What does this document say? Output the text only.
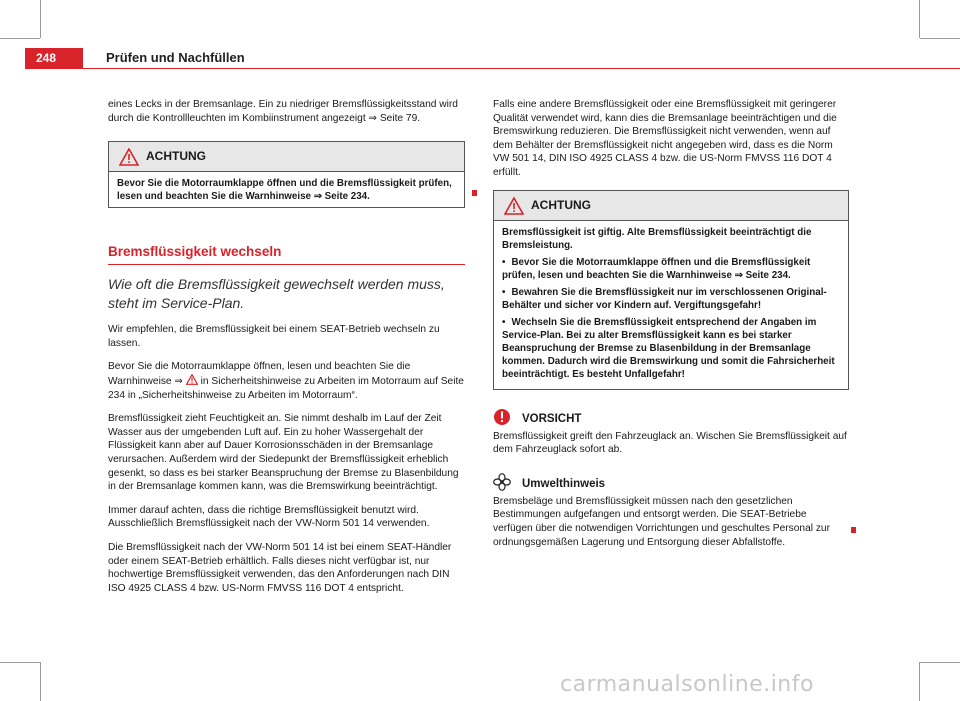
248	Prüfen und Nachfüllen

eines Lecks in der Bremsanlage. Ein zu niedriger Bremsflüssigkeitsstand wird durch die Kontrollleuchten im Kombiinstrument angezeigt ⇒ Seite 79.

ACHTUNG
Bevor Sie die Motorraumklappe öffnen und die Bremsflüssigkeit prüfen, lesen und beachten Sie die Warnhinweise ⇒ Seite 234.
Bremsflüssigkeit wechseln
Wie oft die Bremsflüssigkeit gewechselt werden muss, steht im Service-Plan.

Wir empfehlen, die Bremsflüssigkeit bei einem SEAT-Betrieb wechseln zu lassen.

Bevor Sie die Motorraumklappe öffnen, lesen und beachten Sie die Warnhinweise ⇒ in Sicherheitshinweise zu Arbeiten im Motorraum auf Seite 234 in „Sicherheitshinweise zu Arbeiten im Motorraum“.

Bremsflüssigkeit zieht Feuchtigkeit an. Sie nimmt deshalb im Lauf der Zeit Wasser aus der umgebenden Luft auf. Ein zu hoher Wassergehalt der Flüssigkeit kann aber auf Dauer Korrosionsschäden in der Bremsanlage verursachen. Außerdem wird der Siedepunkt der Bremsflüssigkeit erheblich gesenkt, so dass es bei starker Beanspruchung der Bremse zu Blasenbildung in der Bremsanlage kommen kann, was die Bremswirkung beeinträchtigt.

Immer darauf achten, dass die richtige Bremsflüssigkeit benutzt wird. Ausschließlich Bremsflüssigkeit nach der VW-Norm 501 14 verwenden.

Die Bremsflüssigkeit nach der VW-Norm 501 14 ist bei einem SEAT-Händler oder einem SEAT-Betrieb erhältlich. Falls dieses nicht verfügbar ist, nur hochwertige Bremsflüssigkeit verwenden, das den Anforderungen nach DIN ISO 4925 CLASS 4 bzw. US-Norm FMVSS 116 DOT 4 entspricht.

Falls eine andere Bremsflüssigkeit oder eine Bremsflüssigkeit mit geringerer Qualität verwendet wird, kann dies die Bremsanlage beeinträchtigen und die Bremswirkung reduzieren. Die Bremsflüssigkeit nicht verwenden, wenn auf dem Behälter der Bremsflüssigkeit nicht angegeben wird, dass es die Norm VW 501 14, DIN ISO 4925 CLASS 4 bzw. die US-Norm FMVSS 116 DOT 4 erfüllt.

ACHTUNG
Bremsflüssigkeit ist giftig. Alte Bremsflüssigkeit beeinträchtigt die Bremsleistung.
• Bevor Sie die Motorraumklappe öffnen und die Bremsflüssigkeit prüfen, lesen und beachten Sie die Warnhinweise ⇒ Seite 234.
• Bewahren Sie die Bremsflüssigkeit nur im verschlossenen Original-Behälter und sicher vor Kindern auf. Vergiftungsgefahr!
• Wechseln Sie die Bremsflüssigkeit entsprechend der Angaben im Service-Plan. Bei zu alter Bremsflüssigkeit kann es bei starker Beanspruchung der Bremse zu Blasenbildung in der Bremsanlage kommen. Dadurch wird die Bremswirkung und somit die Fahrsicherheit beeinträchtigt. Es besteht Unfallgefahr!
VORSICHT

Bremsflüssigkeit greift den Fahrzeuglack an. Wischen Sie Bremsflüssigkeit auf dem Fahrzeuglack sofort ab.

Umwelthinweis

Bremsbeläge und Bremsflüssigkeit müssen nach den gesetzlichen Bestimmungen aufgefangen und entsorgt werden. Die SEAT-Betriebe verfügen über die notwendigen Vorrichtungen und geschultes Personal zur ordnungsgemäßen Lagerung und Entsorgung dieser Abfallstoffe.

carmanualsonline.info
